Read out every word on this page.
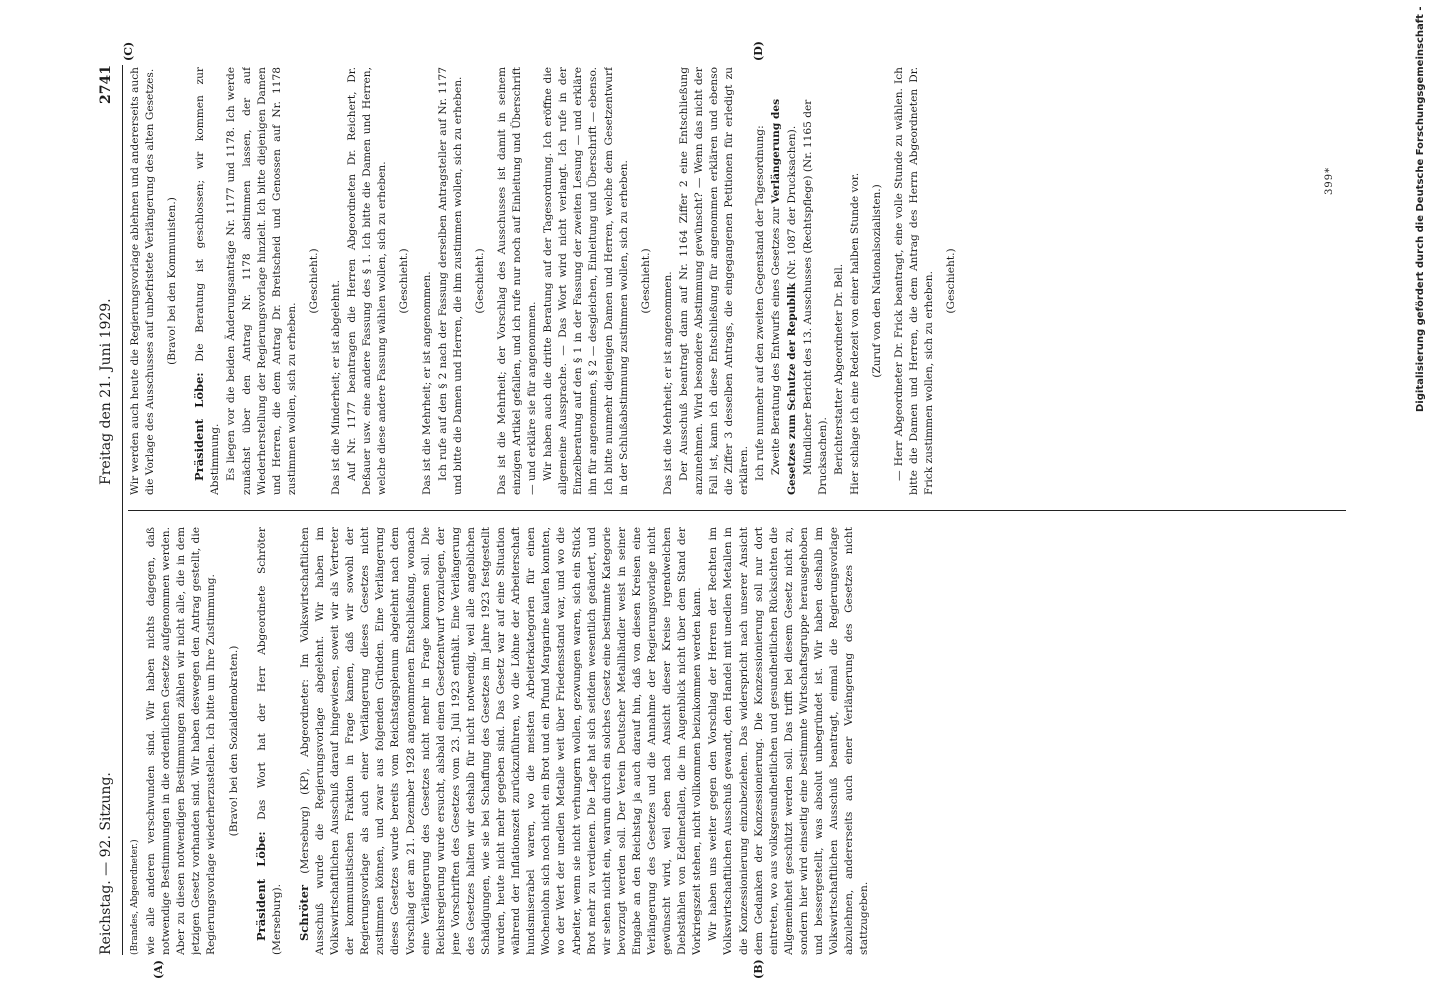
Reichstag. — 92. Sitzung.
Freitag den 21. Juni 1929.
2741
(A)	(B)
(C)	(D)

(Brandes, Abgeordneter.) wie alle anderen verschwunden sind. Wir haben nichts dagegen, daß notwendige Bestimmungen in die ordentlichen Gesetze aufgenommen werden. Aber zu diesen notwendigen Bestimmungen zählen wir nicht alle, die in dem jetzigen Gesetz vorhanden sind. Wir haben deswegen den Antrag gestellt, die Regierungsvorlage wiederherzustellen. Ich bitte um Ihre Zustimmung. (Bravo! bei den Sozialdemokraten.)

Präsident Löbe: Das Wort hat der Herr Abgeordnete Schröter (Merseburg). Schröter (Merseburg) (KP), Abgeordneter: Im Volkswirtschaftlichen Ausschuß wurde die Regierungsvorlage abgelehnt. Wir haben im Volkswirtschaftlichen Ausschuß darauf hingewiesen, soweit wir als Vertreter der kommunistischen Fraktion in Frage kamen, daß wir sowohl der Regierungsvorlage als auch einer Verlängerung dieses Gesetzes nicht zustimmen können, und zwar aus folgenden Gründen. Eine Verlängerung dieses Gesetzes wurde bereits vom Reichstagsplenum abgelehnt nach dem Vorschlag der am 21. Dezember 1928 angenommenen Entschließung, wonach eine Verlängerung des Gesetzes nicht mehr in Frage kommen soll. Die Reichsregierung wurde ersucht, alsbald einen Gesetzentwurf vorzulegen, der jene Vorschriften des Gesetzes vom 23. Juli 1923 enthält. Eine Verlängerung des Gesetzes halten wir deshalb für nicht notwendig, weil alle angeblichen Schädigungen, wie sie bei Schaffung des Gesetzes im Jahre 1923 festgestellt wurden, heute nicht mehr gegeben sind. Das Gesetz war auf eine Situation während der Inflationszeit zurückzuführen, wo die Löhne der Arbeiterschaft hundsmiserabel waren, wo die meisten Arbeiterkategorien für einen Wochenlohn sich noch nicht ein Brot und ein Pfund Margarine kaufen konnten, wo der Wert der unedlen Metalle weit über Friedensstand war, und wo die Arbeiter, wenn sie nicht verhungern wollen, gezwungen waren, sich ein Stück Brot mehr zu verdienen. Die Lage hat sich seitdem wesentlich geändert, und wir sehen nicht ein, warum durch ein solches Gesetz eine bestimmte Kategorie bevorzugt werden soll. Der Verein Deutscher Metallhändler weist in seiner Eingabe an den Reichstag ja auch darauf hin, daß von diesen Kreisen eine Verlängerung des Gesetzes und die Annahme der Regierungsvorlage nicht gewünscht wird, weil eben nach Ansicht dieser Kreise irgendwelchen Diebstählen von Edelmetallen, die im Augenblick nicht über dem Stand der Vorkriegszeit stehen, nicht vollkommen beizukommen werden kann. Wir haben uns weiter gegen den Vorschlag der Herren der Rechten im Volkswirtschaftlichen Ausschuß gewandt, den Handel mit unedlen Metallen in die Konzessionierung einzubeziehen. Das widerspricht nach unserer Ansicht dem Gedanken der Konzessionierung. Die Konzessionierung soll nur dort eintreten, wo aus volksgesundheitlichen und gesundheitlichen Rücksichten die Allgemeinheit geschützt werden soll. Das trifft bei diesem Gesetz nicht zu, sondern hier wird einseitig eine bestimmte Wirtschaftsgruppe herausgehoben und bessergestellt, was absolut unbegründet ist. Wir haben deshalb im Volkswirtschaftlichen Ausschuß beantragt, einmal die Regierungsvorlage abzulehnen, andererseits auch einer Verlängerung des Gesetzes nicht stattzugeben.

Wir werden auch heute die Regierungsvorlage ablehnen und andererseits auch die Vorlage des Ausschusses auf unbefristete Verlängerung des alten Gesetzes. (Bravo! bei den Kommunisten.)

Präsident Löbe: Die Beratung ist geschlossen; wir kommen zur Abstimmung. Es liegen vor die beiden Änderungsanträge Nr. 1177 und 1178. Ich werde zunächst über den Antrag Nr. 1178 abstimmen lassen, der auf Wiederherstellung der Regierungsvorlage hinzielt. Ich bitte diejenigen Damen und Herren, die dem Antrag Dr. Breitscheid und Genossen auf Nr. 1178 zustimmen wollen, sich zu erheben.

(Geschieht.) Das ist die Minderheit; er ist abgelehnt. Auf Nr. 1177 beantragen die Herren Abgeordneten Dr. Reichert, Dr. Deßauer usw. eine andere Fassung des § 1. Ich bitte die Damen und Herren, welche diese andere Fassung wählen wollen, sich zu erheben. (Geschieht.) Das ist die Mehrheit; er ist angenommen. Ich rufe auf den § 2 nach der Fassung derselben Antragsteller auf Nr. 1177 und bitte die Damen und Herren, die ihm zustimmen wollen, sich zu erheben. (Geschieht.) Das ist die Mehrheit; der Vorschlag des Ausschusses ist damit in seinem einzigen Artikel gefallen, und ich rufe nur noch auf Einleitung und Überschrift — und erkläre sie für angenommen. Wir haben auch die dritte Beratung auf der Tagesordnung. Ich eröffne die allgemeine Aussprache. — Das Wort wird nicht verlangt. Ich rufe in der Einzelberatung auf den § 1 in der Fassung der zweiten Lesung — und erkläre ihn für angenommen, § 2 — desgleichen, Einleitung und Überschrift — ebenso. Ich bitte nunmehr diejenigen Damen und Herren, welche dem Gesetzentwurf in der Schlußabstimmung zustimmen wollen, sich zu erheben. (Geschieht.) Das ist die Mehrheit; er ist angenommen. Der Ausschuß beantragt dann auf Nr. 1164 Ziffer 2 eine Entschließung anzunehmen. Wird besondere Abstimmung gewünscht? — Wenn das nicht der Fall ist, kann ich diese Entschließung für angenommen erklären und ebenso die Ziffer 3 desselben Antrags, die eingegangenen Petitionen für erledigt zu erklären. Ich rufe nunmehr auf den zweiten Gegenstand der Tagesordnung: Zweite Beratung des Entwurfs eines Gesetzes zur Verlängerung des Gesetzes zum Schutze der Republik (Nr. 1087 der Drucksachen). Mündlicher Bericht des 13. Ausschusses (Rechtspflege) (Nr. 1165 der Drucksachen). Berichterstatter Abgeordneter Dr. Bell. Hier schlage ich eine Redezeit von einer halben Stunde vor. (Zuruf von den Nationalsozialisten.) — Herr Abgeordneter Dr. Frick beantragt, eine volle Stunde zu wählen. Ich bitte die Damen und Herren, die dem Antrag des Herrn Abgeordneten Dr. Frick zustimmen wollen, sich zu erheben. (Geschieht.)

399*	Digitalisierung gefördert durch die Deutsche Forschungsgemeinschaft -
